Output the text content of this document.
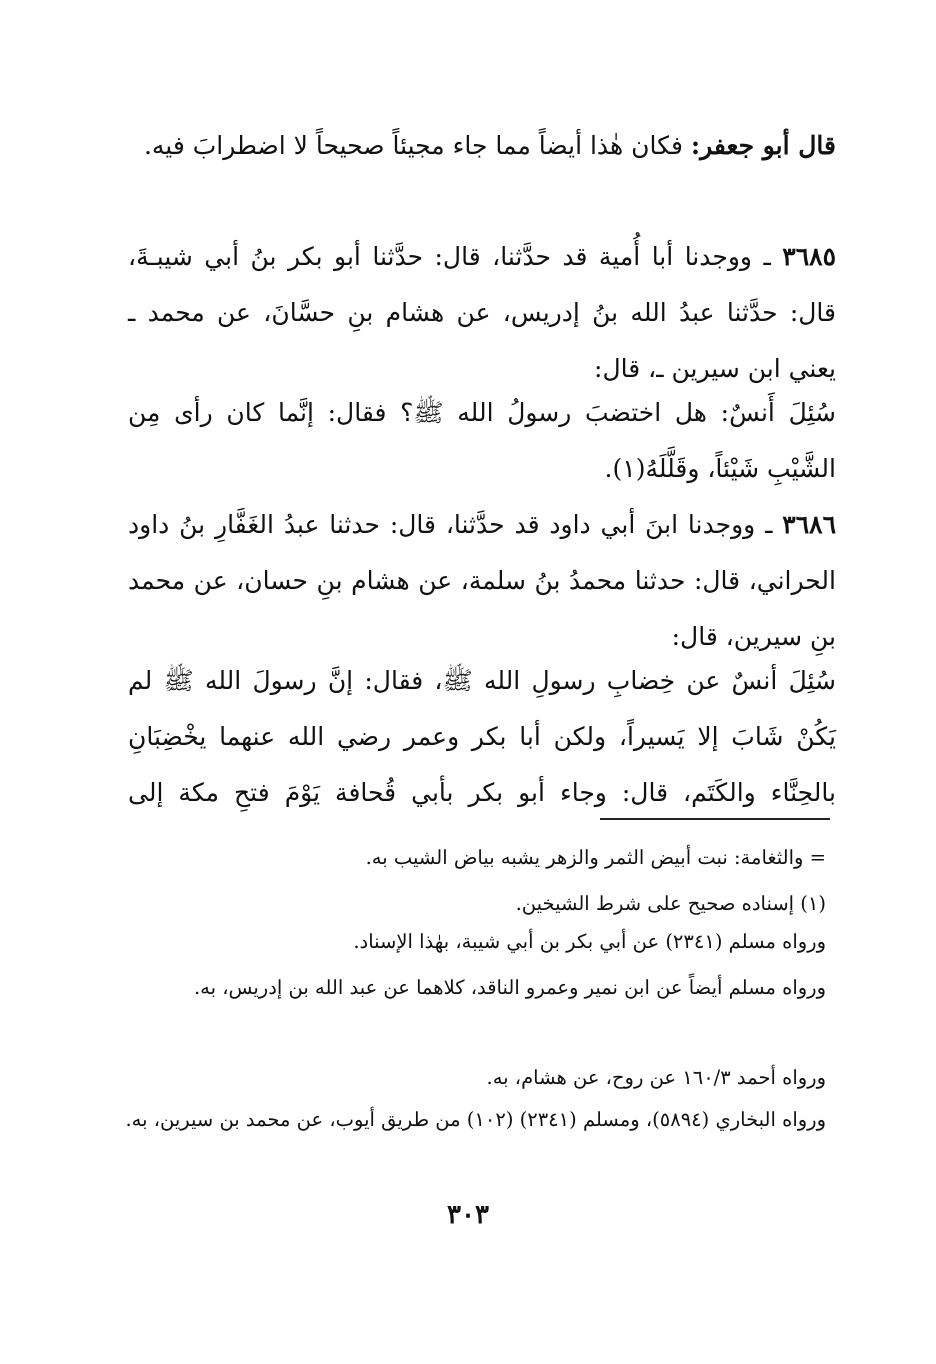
قال أبو جعفر: فكان هٰذا أيضاً مما جاء مجيئاً صحيحاً لا اضطرابَ فيه.
٣٦٨٥ ـ ووجدنا أبا أُمية قد حدَّثنا، قال: حدَّثنا أبو بكر بنُ أبي شيبـةَ، قال: حدَّثنا عبدُ الله بنُ إدريس، عن هشام بنِ حسَّانَ، عن محمد ـ يعني ابن سيرين ـ، قال:
سُئِلَ أَنسٌ: هل اختضبَ رسولُ الله ﷺ؟ فقال: إنَّما كان رأى مِن الشَّيْبِ شَيْئاً، وقَلَّلَهُ(١).
٣٦٨٦ ـ ووجدنا ابنَ أبي داود قد حدَّثنا، قال: حدثنا عبدُ الغَفَّارِ بنُ داود الحراني، قال: حدثنا محمدُ بنُ سلمة، عن هشام بنِ حسان، عن محمد بنِ سيرين، قال:
سُئِلَ أنسٌ عن خِضابِ رسولِ الله ﷺ، فقال: إنَّ رسولَ الله ﷺ لم يَكُنْ شَابَ إلا يَسيراً، ولكن أبا بكر وعمر رضي الله عنهما يخْضِبَانِ بالحِنَّاء والكَتَم، قال: وجاء أبو بكر بأبي قُحافة يَوْمَ فتحِ مكة إلى
= والثغامة: نبت أبيض الثمر والزهر يشبه بياض الشيب به.
(١) إسناده صحيح على شرط الشيخين.
ورواه مسلم (٢٣٤١) عن أبي بكر بن أبي شيبة، بهٰذا الإسناد.
ورواه مسلم أيضاً عن ابن نمير وعمرو الناقد، كلاهما عن عبد الله بن إدريس، به.
ورواه أحمد ١٦٠/٣ عن روح، عن هشام، به.
ورواه البخاري (٥٨٩٤)، ومسلم (٢٣٤١) (١٠٢) من طريق أيوب، عن محمد بن سيرين، به.
٣٠٣
